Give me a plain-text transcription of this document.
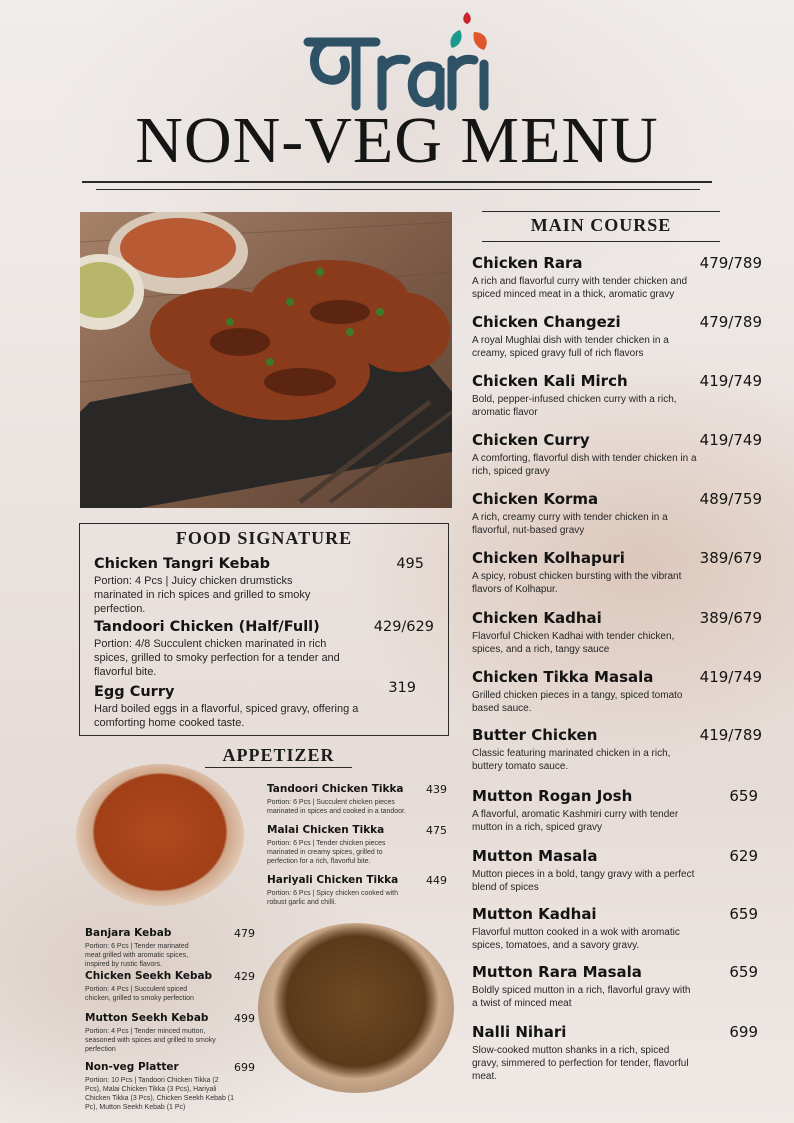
NON-VEG MENU
MAIN COURSE
Chicken Rara	479/789
A rich and flavorful curry with tender chicken and spiced minced meat in a thick, aromatic gravy
Chicken Changezi	479/789
A royal Mughlai dish with tender chicken in a creamy, spiced gravy full of rich flavors
Chicken Kali Mirch	419/749
Bold, pepper-infused chicken curry with a rich, aromatic flavor
Chicken Curry	419/749
A comforting, flavorful dish with tender chicken in a rich, spiced gravy
Chicken Korma	489/759
A rich, creamy curry with tender chicken in a flavorful, nut-based gravy
Chicken Kolhapuri	389/679
A spicy, robust chicken bursting with the vibrant flavors of Kolhapur.
Chicken Kadhai	389/679
Flavorful Chicken Kadhai with tender chicken, spices, and a rich, tangy sauce
Chicken Tikka Masala	419/749
Grilled chicken pieces in a tangy, spiced tomato based sauce.
Butter Chicken	419/789
Classic featuring marinated chicken in a rich, buttery tomato sauce.
Mutton Rogan Josh	659
A flavorful, aromatic Kashmiri curry with tender mutton in a rich, spiced gravy
Mutton Masala	629
Mutton pieces in a bold, tangy gravy with a perfect blend of spices
Mutton Kadhai	659
Flavorful mutton cooked in a wok with aromatic spices, tomatoes, and a savory gravy.
Mutton Rara Masala	659
Boldly spiced mutton in a rich, flavorful gravy with a twist of minced meat
Nalli Nihari	699
Slow-cooked mutton shanks in a rich, spiced gravy, simmered to perfection for tender, flavorful meat.
FOOD SIGNATURE
Chicken Tangri Kebab	495
Portion: 4 Pcs | Juicy chicken drumsticks marinated in rich spices and grilled to smoky perfection.
Tandoori Chicken (Half/Full)	429/629
Portion: 4/8 Succulent chicken marinated in rich spices, grilled to smoky perfection for a tender and flavorful bite.
Egg Curry	319
Hard boiled eggs in a flavorful, spiced gravy, offering a comforting home cooked taste.
APPETIZER
Tandoori Chicken Tikka	439
Portion: 6 Pcs | Succulent chicken pieces marinated in spices and cooked in a tandoor.
Malai Chicken Tikka	475
Portion: 6 Pcs | Tender chicken pieces marinated in creamy spices, grilled to perfection for a rich, flavorful bite.
Hariyali Chicken Tikka	449
Portion: 6 Pcs | Spicy chicken cooked with robust garlic and chilli.
Banjara Kebab	479
Portion: 6 Pcs | Tender marinated meat grilled with aromatic spices, inspired by rustic flavors.
Chicken Seekh Kebab	429
Portion: 4 Pcs | Succulent spiced chicken, grilled to smoky perfection
Mutton Seekh Kebab	499
Portion: 4 Pcs | Tender minced mutton, seasoned with spices and grilled to smoky perfection
Non-veg Platter	699
Portion: 10 Pcs | Tandoori Chicken Tikka (2 Pcs), Malai Chicken Tikka (3 Pcs), Hariyali Chicken Tikka (3 Pcs), Chicken Seekh Kebab (1 Pc), Mutton Seekh Kebab (1 Pc)
